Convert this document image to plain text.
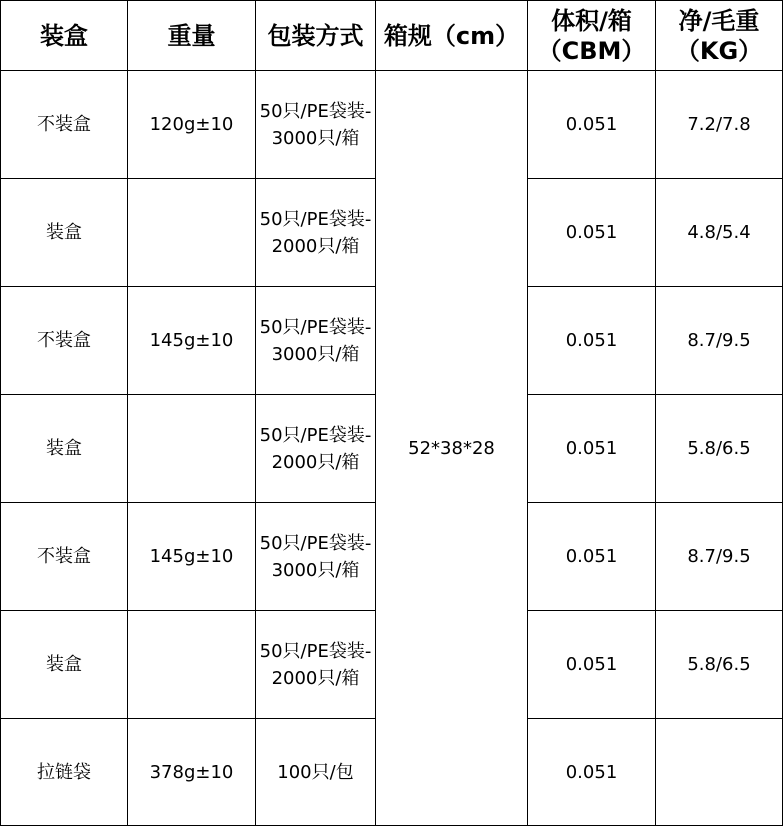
装盒	重量	包装方式	箱规（cm）	体积/箱（CBM）	净/毛重（KG）
不装盒	120g±10	50只/PE袋装-3000只/箱	52*38*28	0.051	7.2/7.8
装盒		50只/PE袋装-2000只/箱		0.051	4.8/5.4
不装盒	145g±10	50只/PE袋装-3000只/箱		0.051	8.7/9.5
装盒		50只/PE袋装-2000只/箱		0.051	5.8/6.5
不装盒	145g±10	50只/PE袋装-3000只/箱		0.051	8.7/9.5
装盒		50只/PE袋装-2000只/箱		0.051	5.8/6.5
拉链袋	378g±10	100只/包		0.051	
